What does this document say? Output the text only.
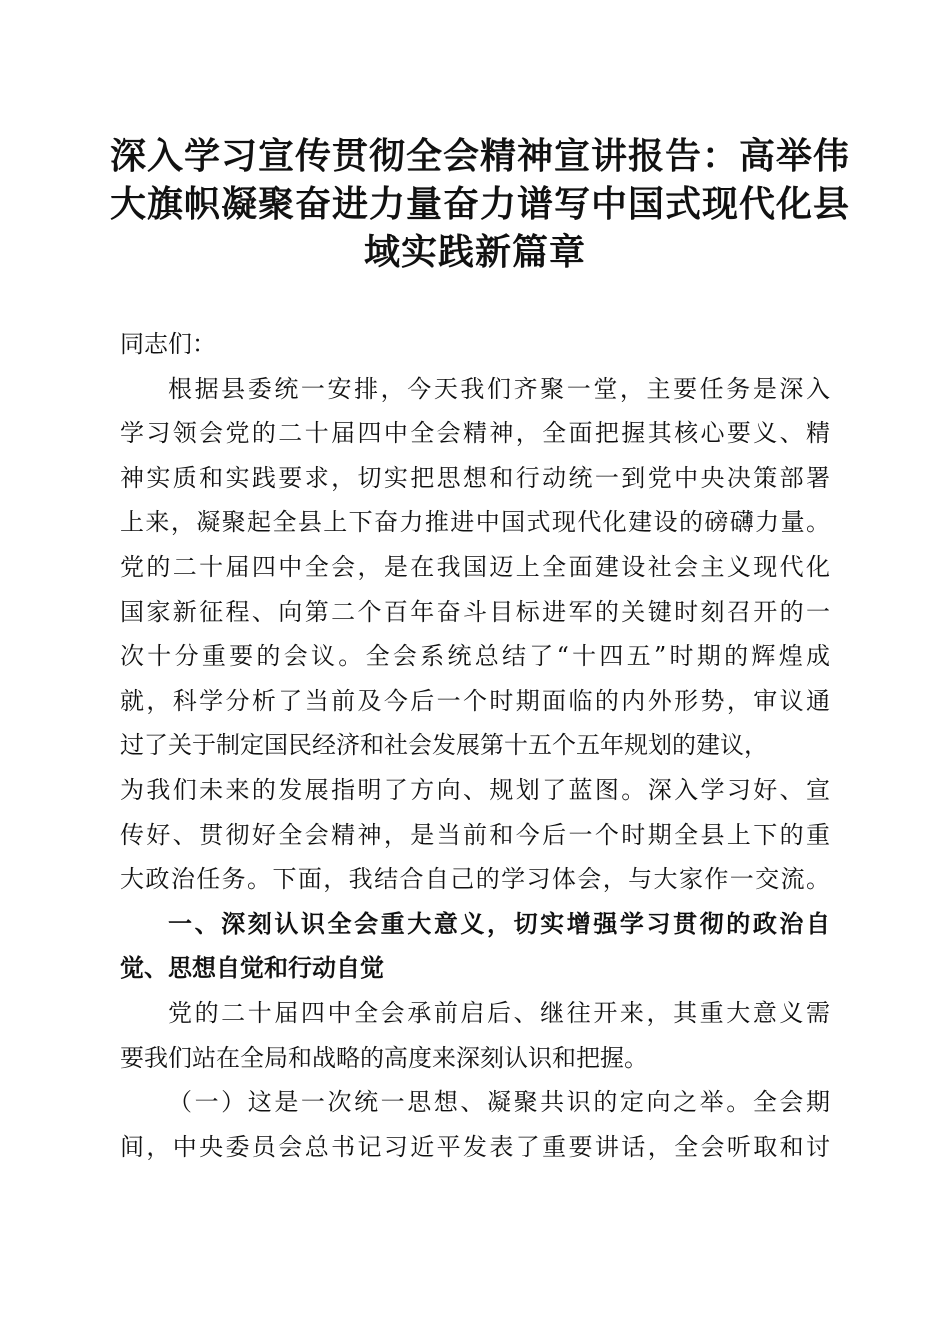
深入学习宣传贯彻全会精神宣讲报告：高举伟
大旗帜凝聚奋进力量奋力谱写中国式现代化县
域实践新篇章
同志们：
根据县委统一安排，今天我们齐聚一堂，主要任务是深入
学习领会党的二十届四中全会精神，全面把握其核心要义、精
神实质和实践要求，切实把思想和行动统一到党中央决策部署
上来，凝聚起全县上下奋力推进中国式现代化建设的磅礴力量。
党的二十届四中全会，是在我国迈上全面建设社会主义现代化
国家新征程、向第二个百年奋斗目标进军的关键时刻召开的一
次十分重要的会议。全会系统总结了“十四五”时期的辉煌成
就，科学分析了当前及今后一个时期面临的内外形势，审议通
过了关于制定国民经济和社会发展第十五个五年规划的建议，
为我们未来的发展指明了方向、规划了蓝图。深入学习好、宣
传好、贯彻好全会精神，是当前和今后一个时期全县上下的重
大政治任务。下面，我结合自己的学习体会，与大家作一交流。
一、深刻认识全会重大意义，切实增强学习贯彻的政治自
觉、思想自觉和行动自觉
党的二十届四中全会承前启后、继往开来，其重大意义需
要我们站在全局和战略的高度来深刻认识和把握。
（一）这是一次统一思想、凝聚共识的定向之举。全会期
间，中央委员会总书记习近平发表了重要讲话，全会听取和讨
